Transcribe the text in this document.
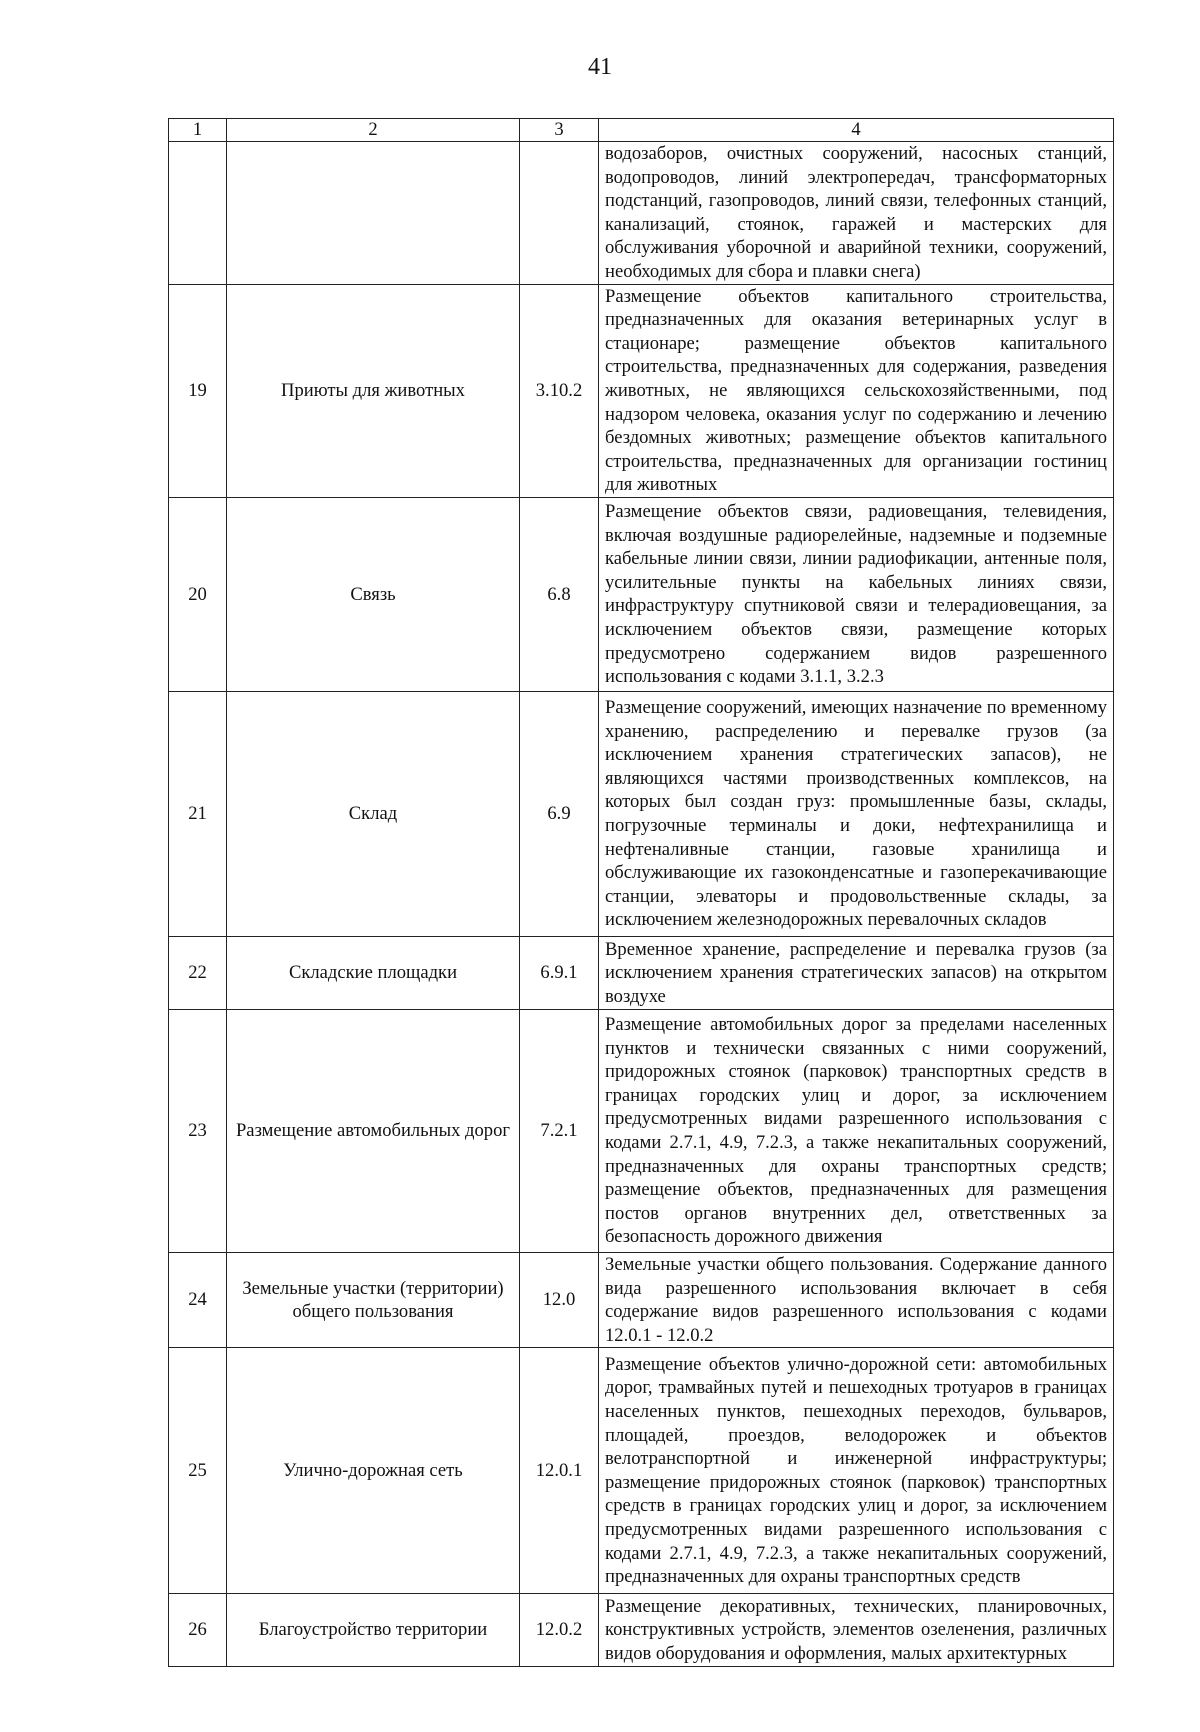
41
1	2	3	4
			водозаборов, очистных сооружений, насосных станций, водопроводов, линий электропередач, трансформаторных подстанций, газопроводов, линий связи, телефонных станций, канализаций, стоянок, гаражей и мастерских для обслуживания уборочной и аварийной техники, сооружений, необходимых для сбора и плавки снега)
19	Приюты для животных	3.10.2	Размещение объектов капитального строительства, предназначенных для оказания ветеринарных услуг в стационаре; размещение объектов капитального строительства, предназначенных для содержания, разведения животных, не являющихся сельскохозяйственными, под надзором человека, оказания услуг по содержанию и лечению бездомных животных; размещение объектов капитального строительства, предназначенных для организации гостиниц для животных
20	Связь	6.8	Размещение объектов связи, радиовещания, телевидения, включая воздушные радиорелейные, надземные и подземные кабельные линии связи, линии радиофикации, антенные поля, усилительные пункты на кабельных линиях связи, инфраструктуру спутниковой связи и телерадиовещания, за исключением объектов связи, размещение которых предусмотрено содержанием видов разрешенного использования с кодами 3.1.1, 3.2.3
21	Склад	6.9	Размещение сооружений, имеющих назначение по временному хранению, распределению и перевалке грузов (за исключением хранения стратегических запасов), не являющихся частями производственных комплексов, на которых был создан груз: промышленные базы, склады, погрузочные терминалы и доки, нефтехранилища и нефтеналивные станции, газовые хранилища и обслуживающие их газоконденсатные и газоперекачивающие станции, элеваторы и продовольственные склады, за исключением железнодорожных перевалочных складов
22	Складские площадки	6.9.1	Временное хранение, распределение и перевалка грузов (за исключением хранения стратегических запасов) на открытом воздухе
23	Размещение автомобильных дорог	7.2.1	Размещение автомобильных дорог за пределами населенных пунктов и технически связанных с ними сооружений, придорожных стоянок (парковок) транспортных средств в границах городских улиц и дорог, за исключением предусмотренных видами разрешенного использования с кодами 2.7.1, 4.9, 7.2.3, а также некапитальных сооружений, предназначенных для охраны транспортных средств; размещение объектов, предназначенных для размещения постов органов внутренних дел, ответственных за безопасность дорожного движения
24	Земельные участки (территории) общего пользования	12.0	Земельные участки общего пользования. Содержание данного вида разрешенного использования включает в себя содержание видов разрешенного использования с кодами 12.0.1 - 12.0.2
25	Улично-дорожная сеть	12.0.1	Размещение объектов улично-дорожной сети: автомобильных дорог, трамвайных путей и пешеходных тротуаров в границах населенных пунктов, пешеходных переходов, бульваров, площадей, проездов, велодорожек и объектов велотранспортной и инженерной инфраструктуры; размещение придорожных стоянок (парковок) транспортных средств в границах городских улиц и дорог, за исключением предусмотренных видами разрешенного использования с кодами 2.7.1, 4.9, 7.2.3, а также некапитальных сооружений, предназначенных для охраны транспортных средств
26	Благоустройство территории	12.0.2	Размещение декоративных, технических, планировочных, конструктивных устройств, элементов озеленения, различных видов оборудования и оформления, малых архитектурных
